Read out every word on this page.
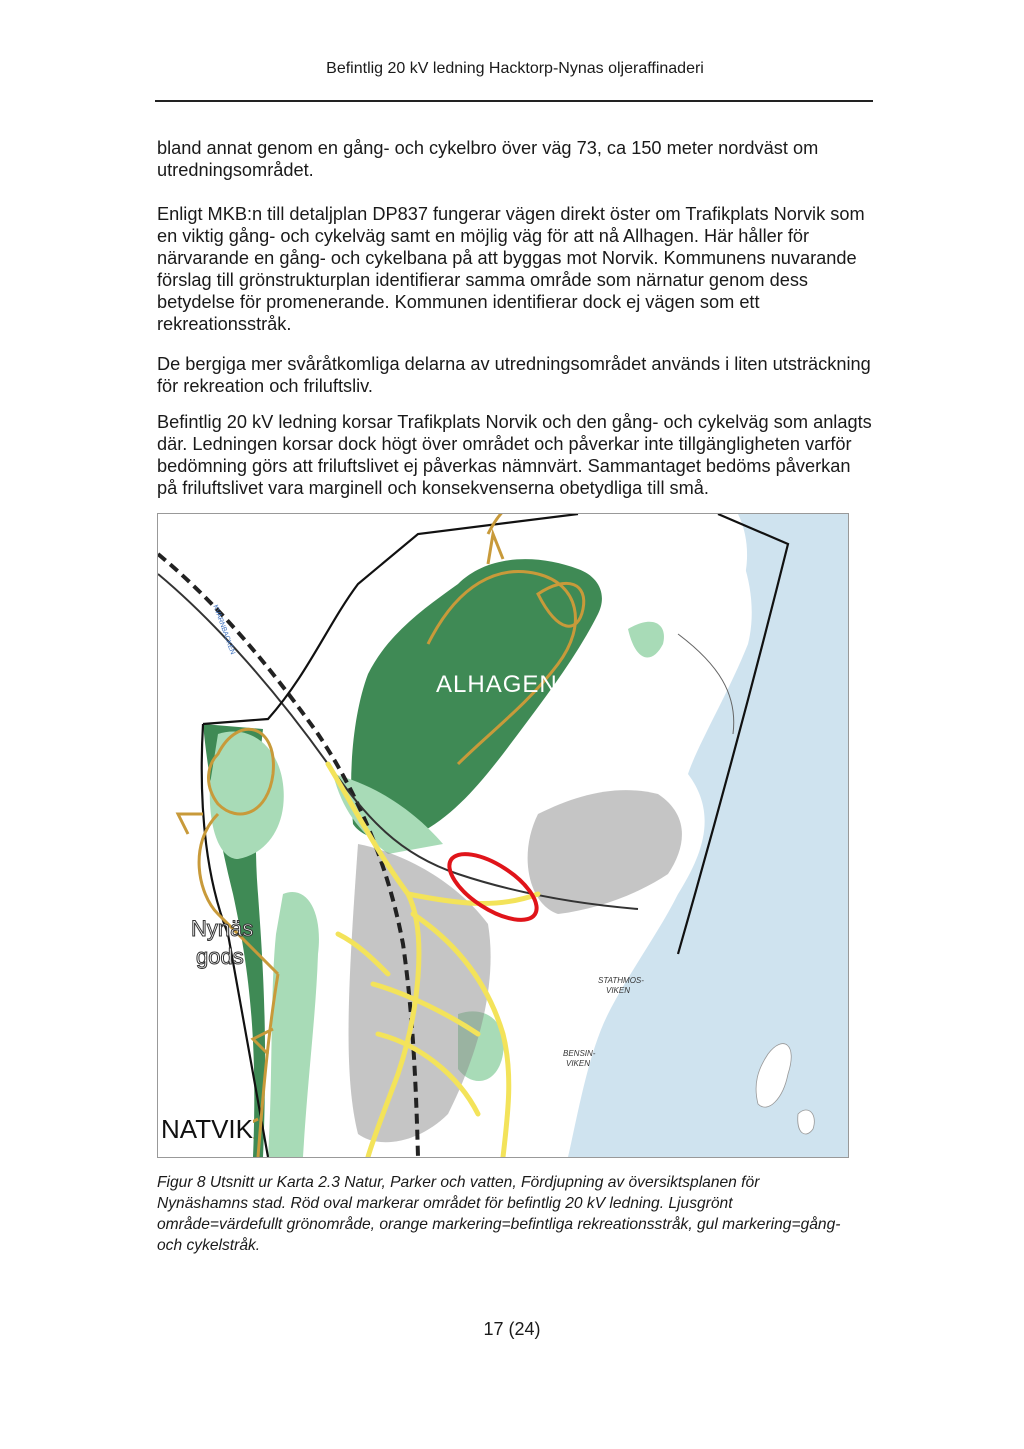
Befintlig 20 kV ledning Hacktorp-Nynas oljeraffinaderi

bland annat genom en gång- och cykelbro över väg 73, ca 150 meter nordväst om utredningsområdet.

Enligt MKB:n till detaljplan DP837 fungerar vägen direkt öster om Trafikplats Norvik som en viktig gång- och cykelväg samt en möjlig väg för att nå Allhagen. Här håller för närvarande en gång- och cykelbana på att byggas mot Norvik. Kommunens nuvarande förslag till grönstrukturplan identifierar samma område som närnatur genom dess betydelse för promenerande. Kommunen identifierar dock ej vägen som ett rekreationsstråk.

De bergiga mer svåråtkomliga delarna av utredningsområdet används i liten utsträckning för rekreation och friluftsliv.

Befintlig 20 kV ledning korsar Trafikplats Norvik och den gång- och cykelväg som anlagts där. Ledningen korsar dock högt över området och påverkar inte tillgängligheten varför bedömning görs att friluftslivet ej påverkas nämnvärt. Sammantaget bedöms påverkan på friluftslivet vara marginell och konsekvenserna obetydliga till små.

ALHAGEN
Nynäs
gods
NATVIK
STATHMOS-
VIKEN
BENSIN-
VIKEN
KVARNBACKEN

Figur 8 Utsnitt ur Karta 2.3 Natur, Parker och vatten, Fördjupning av översiktsplanen för Nynäshamns stad. Röd oval markerar området för befintlig 20 kV ledning. Ljusgrönt område=värdefullt grönområde, orange markering=befintliga rekreationsstråk, gul markering=gång- och cykelstråk.

17 (24)
